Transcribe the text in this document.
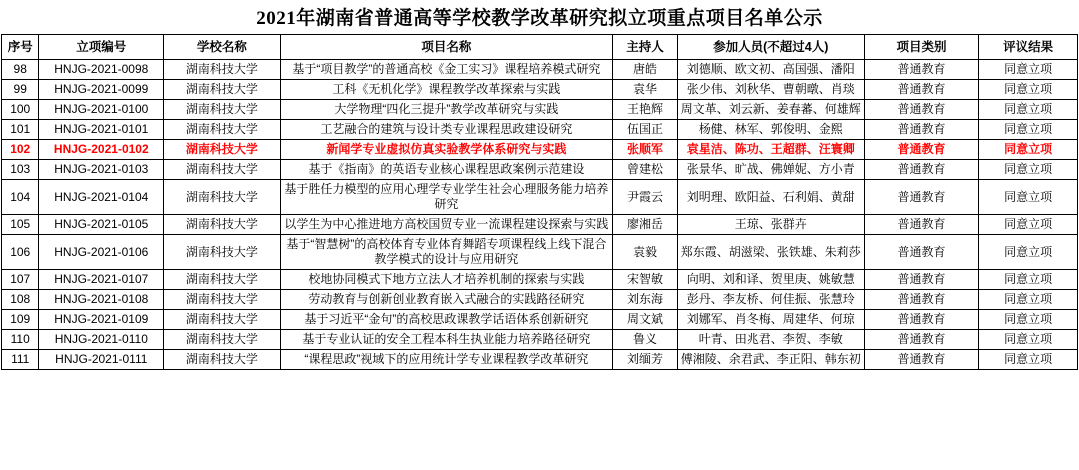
2021年湖南省普通高等学校教学改革研究拟立项重点项目名单公示
序号	立项编号	学校名称	项目名称	主持人	参加人员(不超过4人)	项目类别	评议结果
98	HNJG-2021-0098	湖南科技大学	基于“项目教学”的普通高校《金工实习》课程培养模式研究	唐皓	刘德顺、欧文初、高国强、潘阳	普通教育	同意立项
99	HNJG-2021-0099	湖南科技大学	工科《无机化学》课程教学改革探索与实践	袁华	张少伟、刘秋华、曹朝暾、肖琰	普通教育	同意立项
100	HNJG-2021-0100	湖南科技大学	大学物理“四化三提升”教学改革研究与实践	王艳辉	周文革、刘云新、姜春蕃、何雄辉	普通教育	同意立项
101	HNJG-2021-0101	湖南科技大学	工艺融合的建筑与设计类专业课程思政建设研究	伍国正	杨健、林军、郭俊明、金熙	普通教育	同意立项
102	HNJG-2021-0102	湖南科技大学	新闻学专业虚拟仿真实验教学体系研究与实践	张顺军	袁星洁、陈功、王超群、汪寰卿	普通教育	同意立项
103	HNJG-2021-0103	湖南科技大学	基于《指南》的英语专业核心课程思政案例示范建设	曾建松	张景华、旷战、佛婵妮、方小青	普通教育	同意立项
104	HNJG-2021-0104	湖南科技大学	基于胜任力模型的应用心理学专业学生社会心理服务能力培养研究	尹霞云	刘明理、欧阳益、石利娟、黄甜	普通教育	同意立项
105	HNJG-2021-0105	湖南科技大学	以学生为中心推进地方高校国贸专业一流课程建设探索与实践	廖湘岳	王琼、张群卉	普通教育	同意立项
106	HNJG-2021-0106	湖南科技大学	基于“智慧树”的高校体育专业体育舞蹈专项课程线上线下混合教学模式的设计与应用研究	袁毅	郑东霞、胡滋梁、张铁雄、朱莉莎	普通教育	同意立项
107	HNJG-2021-0107	湖南科技大学	校地协同模式下地方立法人才培养机制的探索与实践	宋智敏	向明、刘和译、贺里庚、姚敏慧	普通教育	同意立项
108	HNJG-2021-0108	湖南科技大学	劳动教育与创新创业教育嵌入式融合的实践路径研究	刘东海	彭丹、李友桥、何佳振、张慧玲	普通教育	同意立项
109	HNJG-2021-0109	湖南科技大学	基于习近平“金句”的高校思政课教学话语体系创新研究	周文斌	刘娜军、肖冬梅、周建华、何琼	普通教育	同意立项
110	HNJG-2021-0110	湖南科技大学	基于专业认证的安全工程本科生执业能力培养路径研究	鲁义	叶青、田兆君、李贺、李敏	普通教育	同意立项
111	HNJG-2021-0111	湖南科技大学	“课程思政”视域下的应用统计学专业课程教学改革研究	刘缅芳	傅湘陵、余君武、李正阳、韩东初	普通教育	同意立项
